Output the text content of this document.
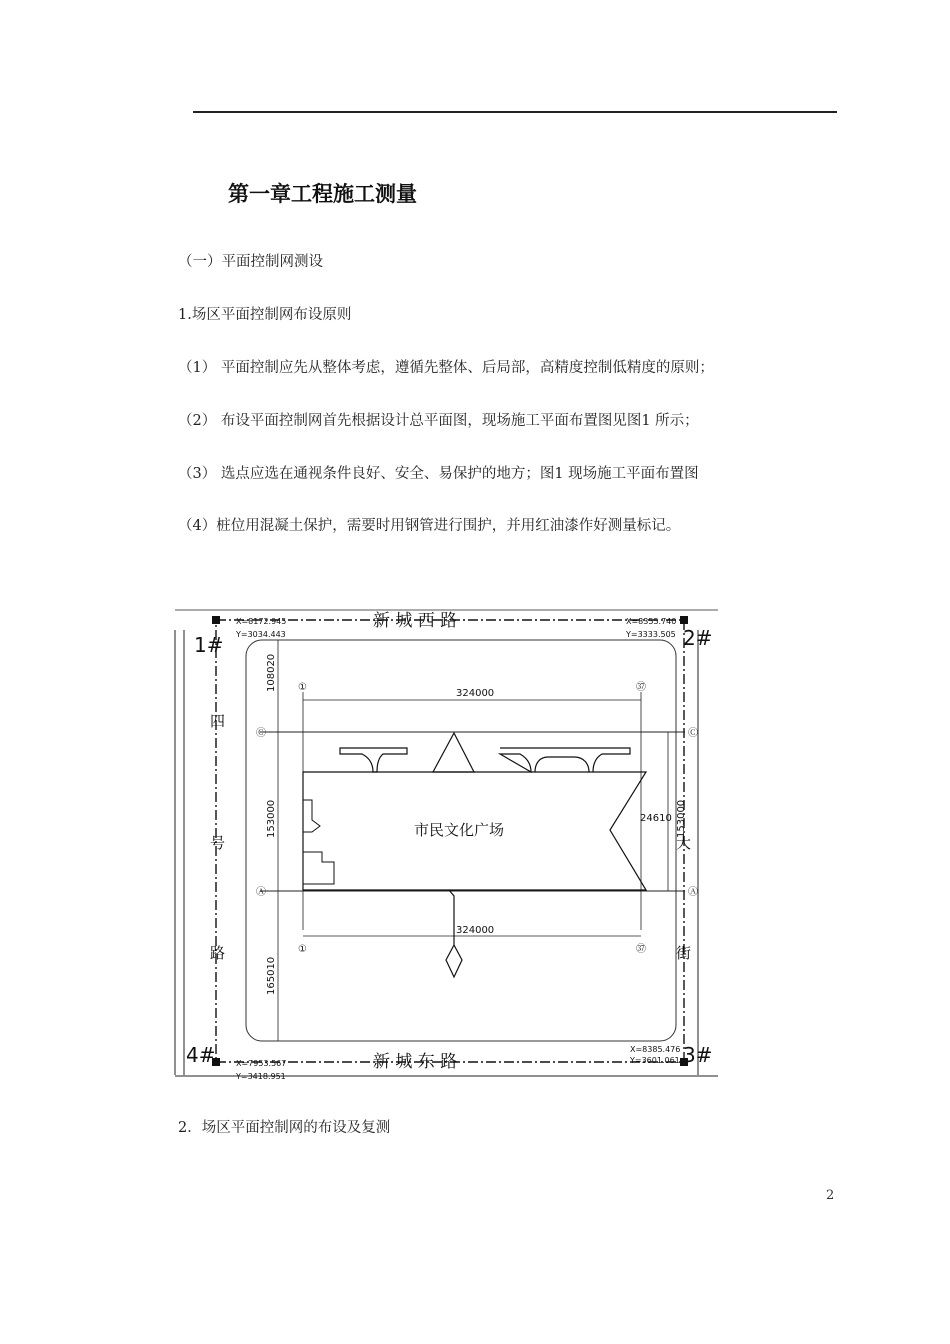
第一章工程施工测量
（一）平面控制网测设
1.场区平面控制网布设原则
（1） 平面控制应先从整体考虑，遵循先整体、后局部，高精度控制低精度的原则；
（2） 布设平面控制网首先根据设计总平面图，现场施工平面布置图见图1 所示；
（3） 选点应选在通视条件良好、安全、易保护的地方；图1 现场施工平面布置图
（4）桩位用混凝土保护，需要时用钢管进行围护，并用红油漆作好测量标记。
1#	2#
3#
4#
X=8172.945
Y=3034.443
X=8355.740
Y=3333.505
X=8385.476
Y=3601.061
X=7953.567
Y=3418.951
新 城 西 路
新 城 东 路
四
号
路
大
街
①	㊲
①	㊲
Ⓒ	Ⓒ
Ⓐ	Ⓐ
324000
324000
108020
153000
165010
153000
24610
市民文化广场
2．场区平面控制网的布设及复测
2
